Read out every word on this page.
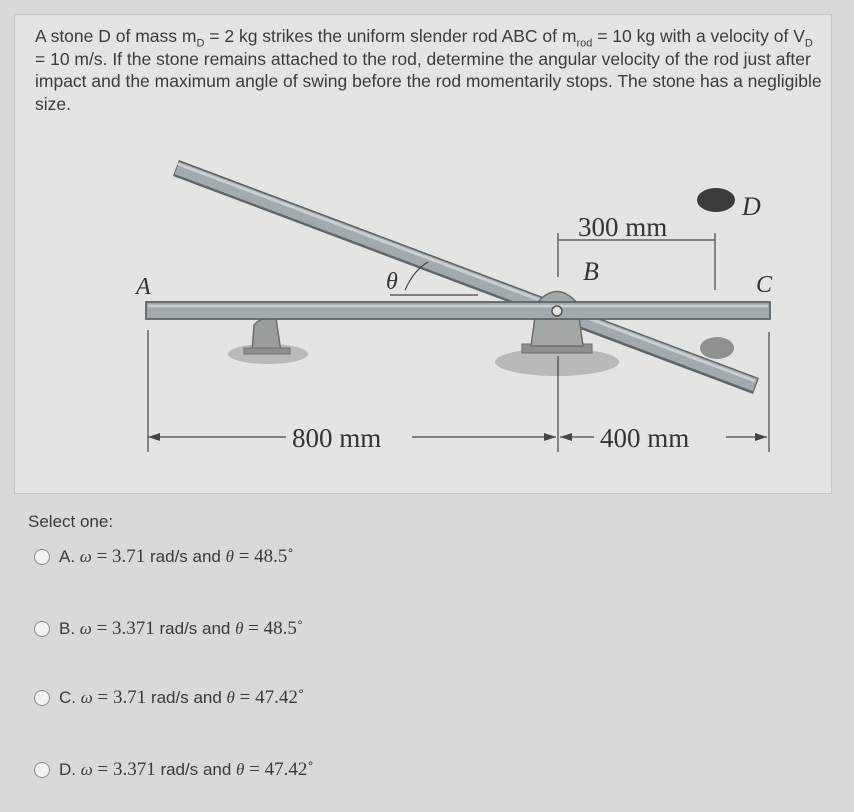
A stone D of mass $m_D = 2$ kg strikes the uniform slender rod ABC of $m_{rod} = 10$ kg with a velocity of $V_D = 10$ m/s. If the stone remains attached to the rod, determine the angular velocity of the rod just after impact and the maximum angle of swing before the rod momentarily stops. The stone has a negligible size.
A
B	C
D
θ
300 mm
800 mm	400 mm
Select one:
A. ω = 3.71 rad/s and θ = 48.5˚
B. ω = 3.371 rad/s and θ = 48.5˚
C. ω = 3.71 rad/s and θ = 47.42˚
D. ω = 3.371 rad/s and θ = 47.42˚
